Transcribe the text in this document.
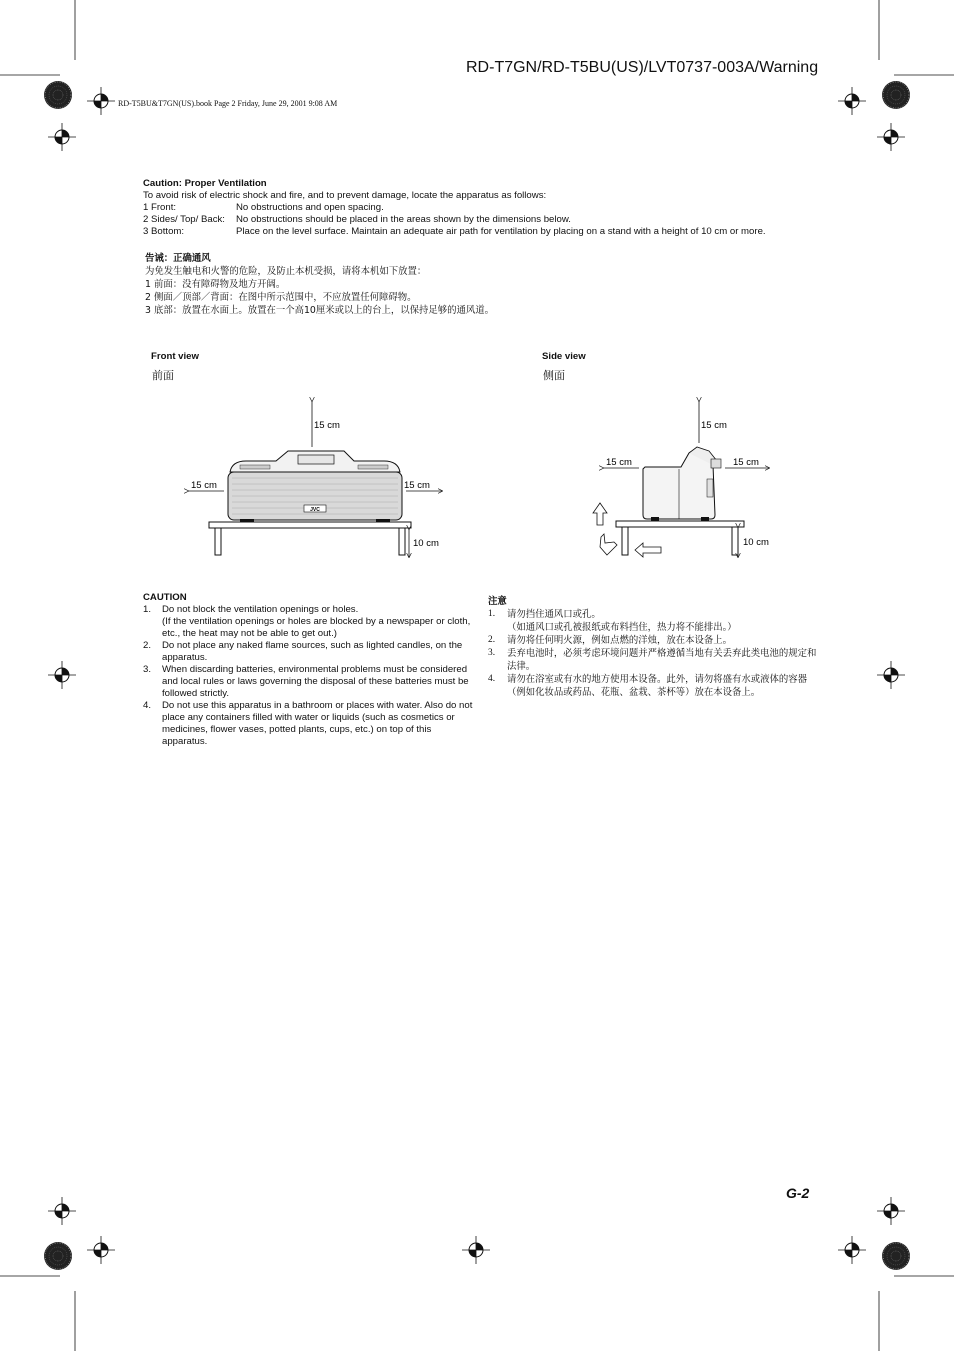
RD-T7GN/RD-T5BU(US)/LVT0737-003A/Warning
RD-T5BU&T7GN(US).book Page 2 Friday, June 29, 2001 9:08 AM
Caution: Proper Ventilation
To avoid risk of electric shock and fire, and to prevent damage, locate the apparatus as follows:
1 Front:	No obstructions and open spacing.
2 Sides/ Top/ Back:	No obstructions should be placed in the areas shown by the dimensions below.
3 Bottom:	Place on the level surface. Maintain an adequate air path for ventilation by placing on a stand with a height of 10 cm or more.
告诫：正确通风
为免发生触电和火警的危险，及防止本机受损，请将本机如下放置：
1 前面：没有障碍物及地方开阔。
2 侧面／顶部／背面：在图中所示范围中，不应放置任何障碍物。
3 底部：放置在水面上。放置在一个高10厘米或以上的台上，以保持足够的通风道。
Front view
前面
JVC
15 cm
15 cm	15 cm
10 cm
Side view
侧面
15 cm
15 cm	15 cm
10 cm
CAUTION
1. Do not block the ventilation openings or holes.
(If the ventilation openings or holes are blocked by a newspaper or cloth, etc., the heat may not be able to get out.)
2. Do not place any naked flame sources, such as lighted candles, on the apparatus.
3. When discarding batteries, environmental problems must be considered and local rules or laws governing the disposal of these batteries must be followed strictly.
4. Do not use this apparatus in a bathroom or places with water. Also do not place any containers filled with water or liquids (such as cosmetics or medicines, flower vases, potted plants, cups, etc.) on top of this apparatus.
注意
1. 请勿挡住通风口或孔。
（如通风口或孔被报纸或布料挡住，热力将不能排出。）
2. 请勿将任何明火源，例如点燃的洋烛，放在本设备上。
3. 丢弃电池时，必须考虑环境问题并严格遵循当地有关丢弃此类电池的规定和法律。
4. 请勿在浴室或有水的地方使用本设备。此外，请勿将盛有水或液体的容器（例如化妆品或药品、花瓶、盆栽、茶杯等）放在本设备上。
G-2
